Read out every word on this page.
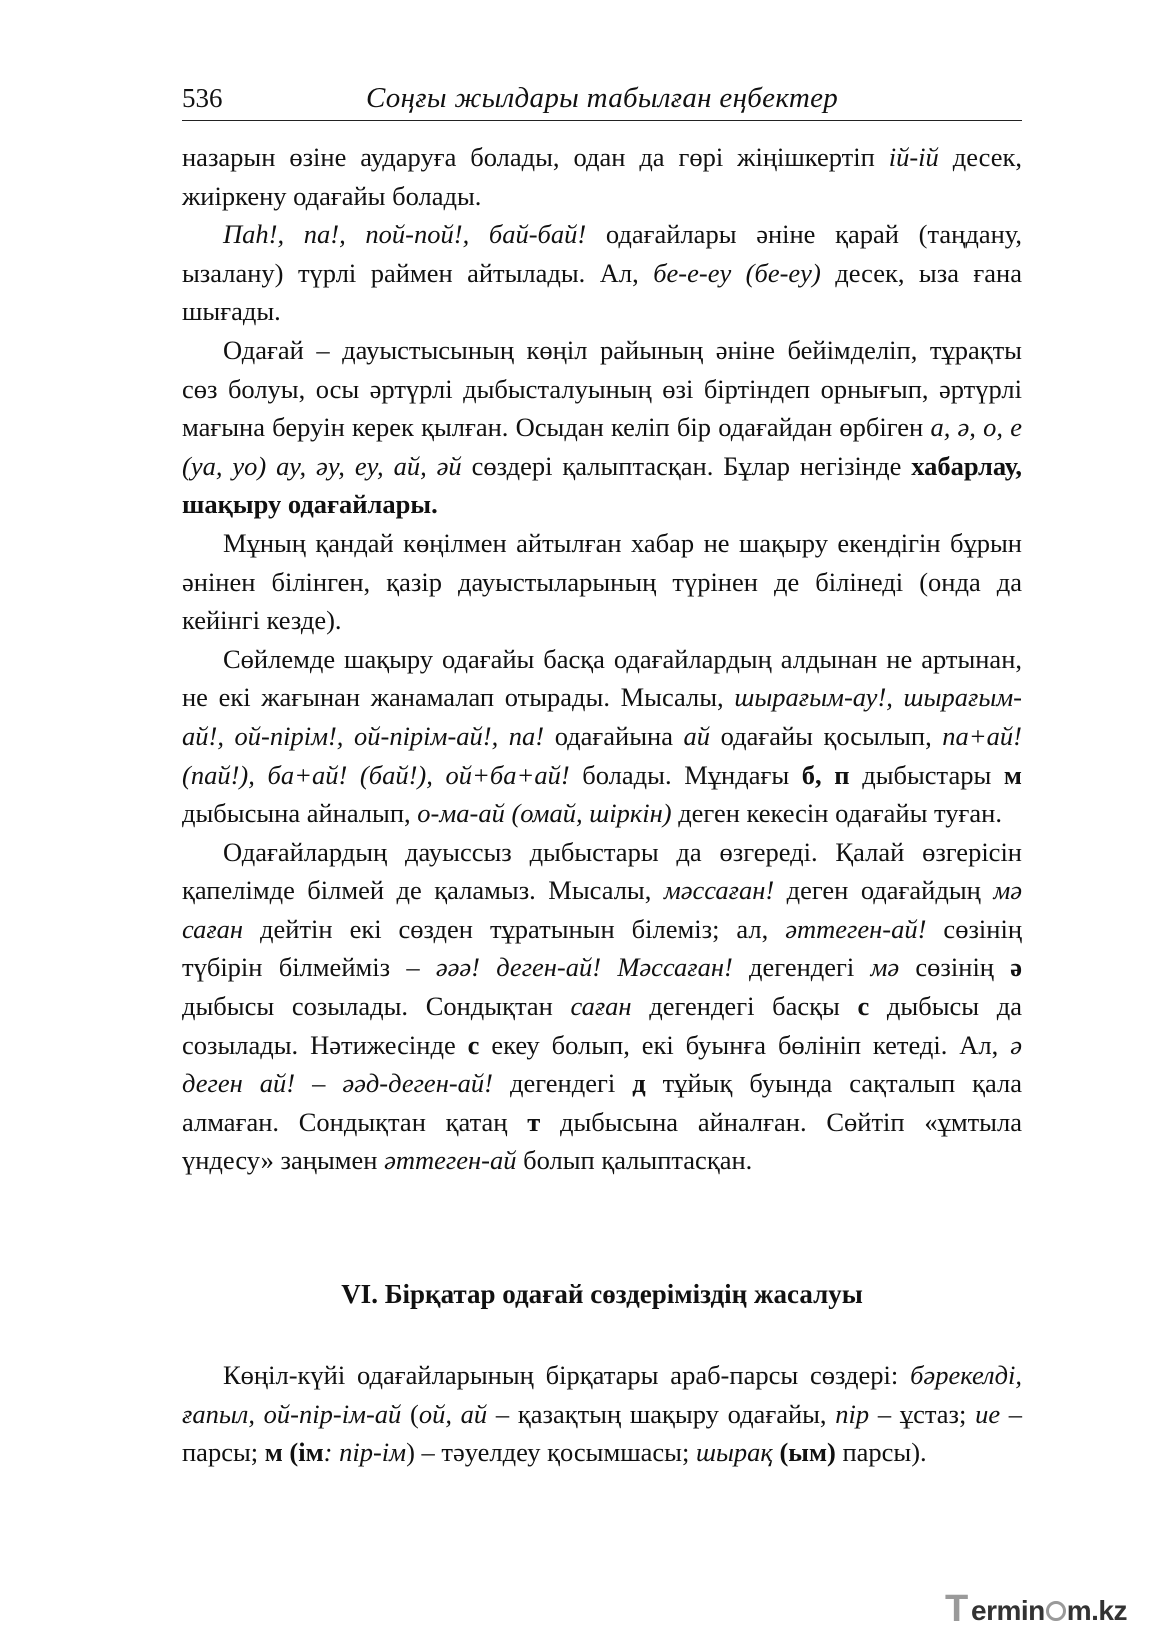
536	Соңғы жылдары табылған еңбектер

назарын өзіне аударуға болады, одан да гөрі жіңішкертіп ій-ій десек, жиіркену одағайы болады.

Паһ!, па!, пой-пой!, бай-бай! одағайлары әніне қарай (таңдану, ызалану) түрлі раймен айтылады. Ал, бе-е-еу (бе-еу) десек, ыза ғана шығады.

Одағай – дауыстысының көңіл райының әніне бейімделіп, тұрақты сөз болуы, осы әртүрлі дыбысталуының өзі біртіндеп орнығып, әртүрлі мағына беруін керек қылған. Осыдан келіп бір одағайдан өрбіген а, ә, о, е (уа, уо) ау, әу, еу, ай, әй сөздері қалыптасқан. Бұлар негізінде хабарлау, шақыру одағайлары.

Мұның қандай көңілмен айтылған хабар не шақыру екендігін бұрын әнінен білінген, қазір дауыстыларының түрінен де білінеді (онда да кейінгі кезде).

Сөйлемде шақыру одағайы басқа одағайлардың алдынан не артынан, не екі жағынан жанамалап отырады. Мысалы, шырағым-ау!, шырағым-ай!, ой-пірім!, ой-пірім-ай!, па! одағайына ай одағайы қосылып, па+ай! (пай!), ба+ай! (бай!), ой+ба+ай! болады. Мұндағы б, п дыбыстары м дыбысына айналып, о-ма-ай (омай, шіркін) деген кекесін одағайы туған.

Одағайлардың дауыссыз дыбыстары да өзгереді. Қалай өзгерісін қапелімде білмей де қаламыз. Мысалы, мәссаған! деген одағайдың мә саған дейтін екі сөзден тұратынын білеміз; ал, әттеген-ай! сөзінің түбірін білмейміз – әәә! деген-ай! Мәссаған! дегендегі мә сөзінің ә дыбысы созылады. Сондықтан саған дегендегі басқы с дыбысы да созылады. Нәтижесінде с екеу болып, екі буынға бөлініп кетеді. Ал, ә деген ай! – әәд-деген-ай! дегендегі д тұйық буында сақталып қала алмаған. Сондықтан қатаң т дыбысына айналған. Сөйтіп «ұмтыла үндесу» заңымен әттеген-ай болып қалыптасқан.

VI. Бірқатар одағай сөздеріміздің жасалуы

Көңіл-күйі одағайларының бірқатары араб-парсы сөздері: бәрекелді, ғапыл, ой-пір-ім-ай (ой, ай – қазақтың шақыру одағайы, пір – ұстаз; ие – парсы; м (ім: пір-ім) – тәуелдеу қосымшасы; шырақ (ым) парсы).

T ermin m.kz
